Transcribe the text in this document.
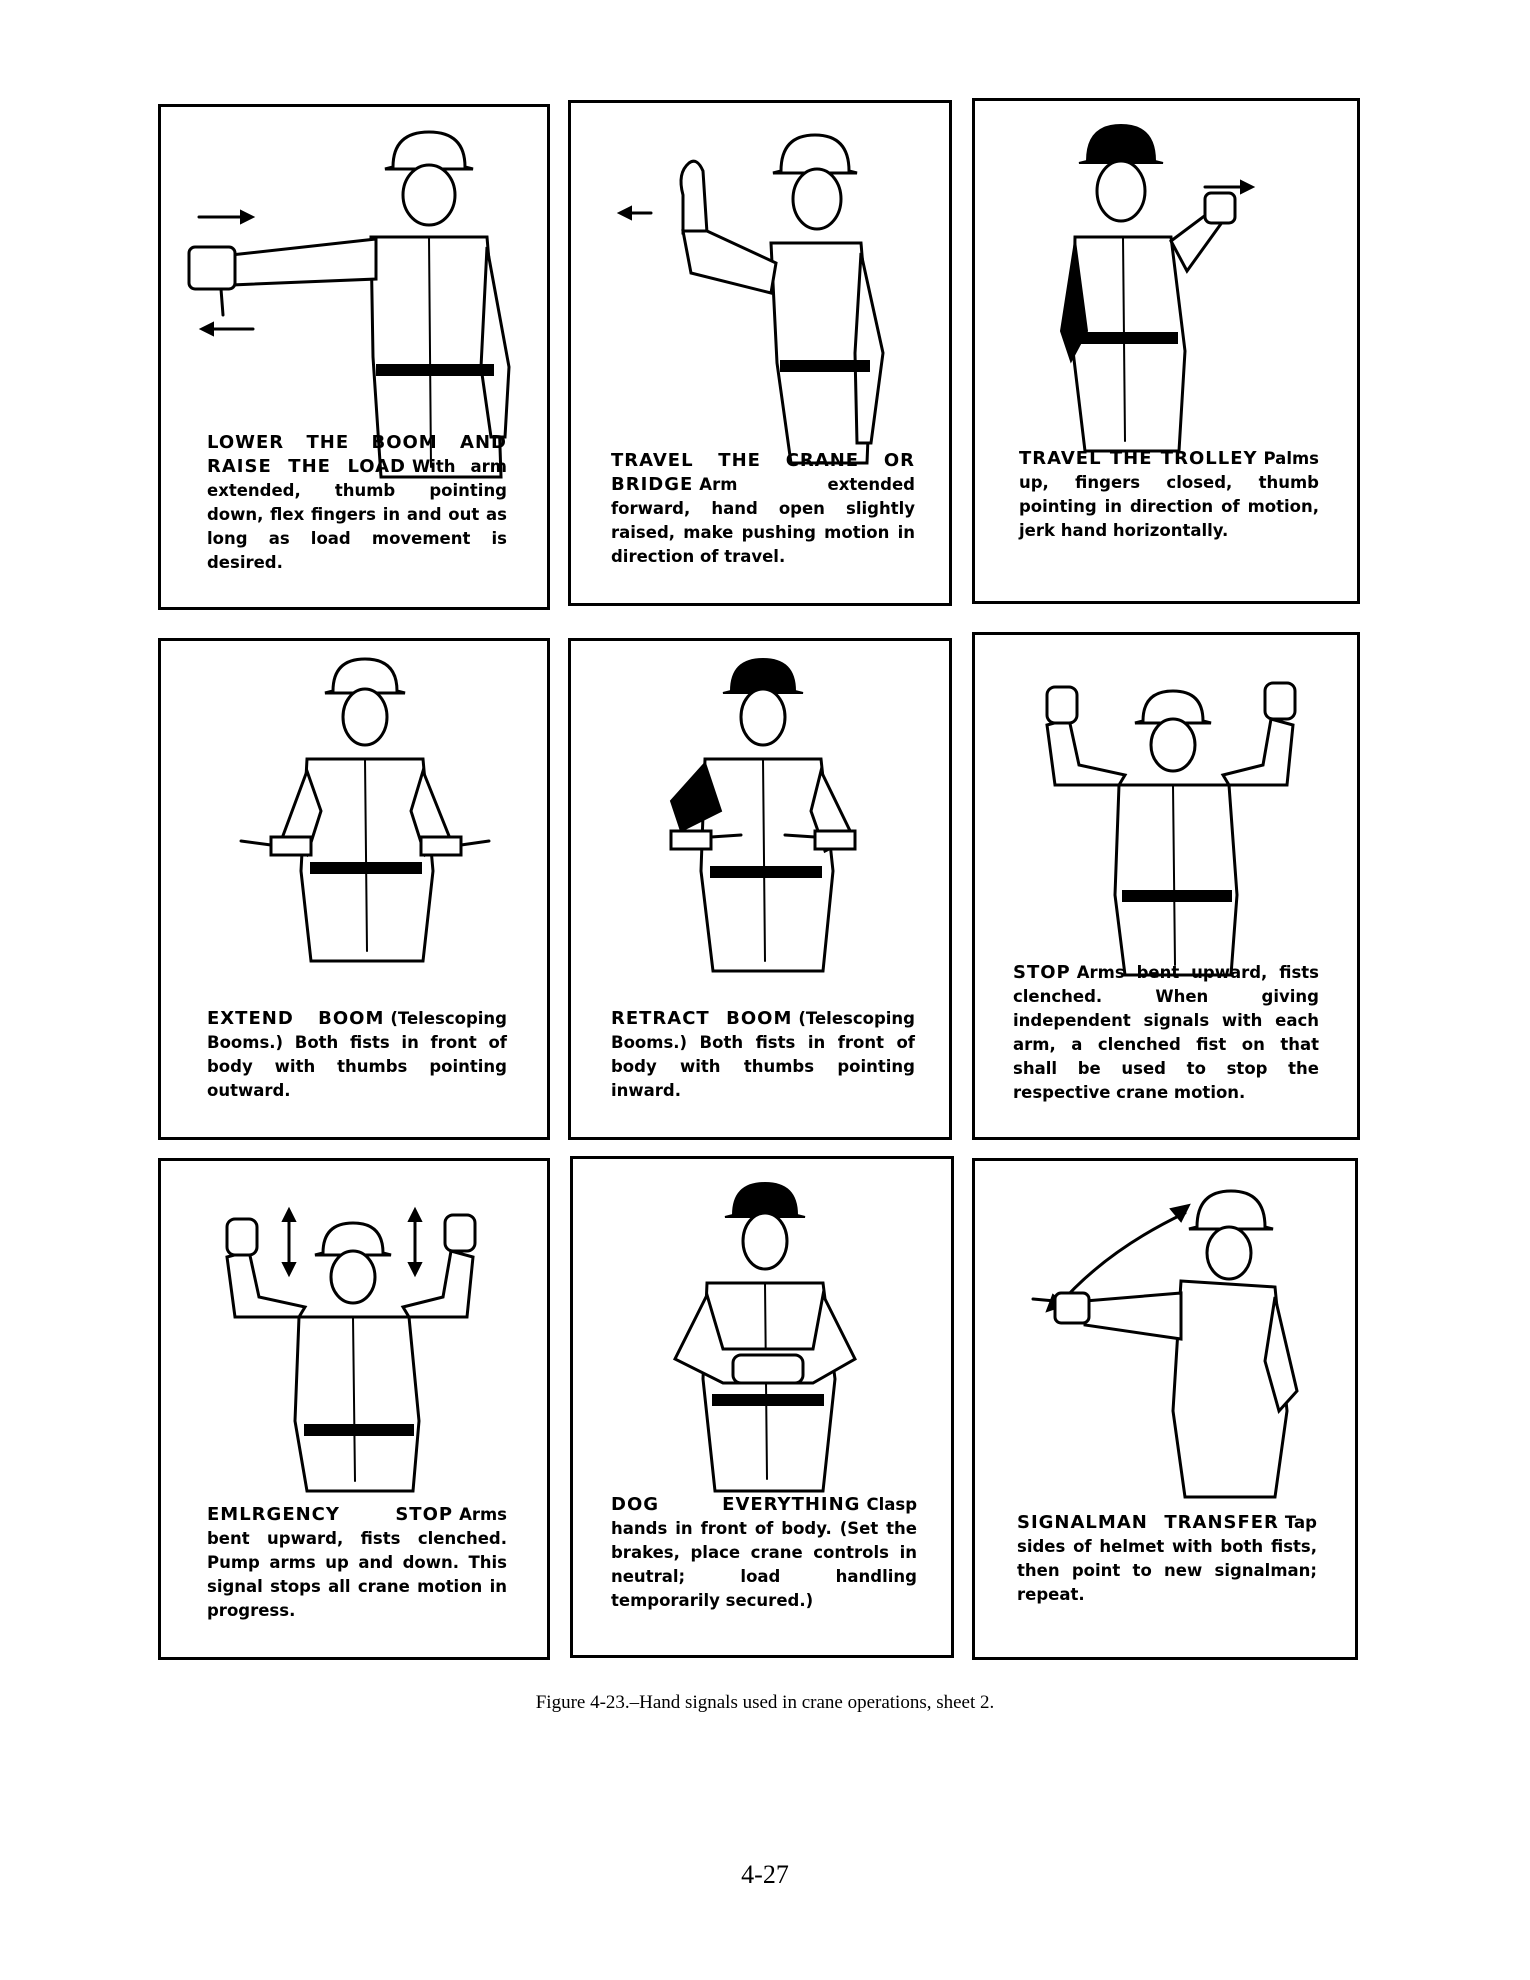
LOWER THE BOOM AND RAISE THE LOAD With arm extended, thumb pointing down, flex fingers in and out as long as load movement is desired.
TRAVEL THE CRANE OR BRIDGE Arm extended forward, hand open slightly raised, make pushing motion in direction of travel.
TRAVEL THE TROLLEY Palms up, fingers closed, thumb pointing in direction of motion, jerk hand horizontally.
EXTEND BOOM (Telescoping Booms.) Both fists in front of body with thumbs pointing outward.
RETRACT BOOM (Telescoping Booms.) Both fists in front of body with thumbs pointing inward.
STOP Arms bent upward, fists clenched. When giving independent signals with each arm, a clenched fist on that shall be used to stop the respective crane motion.
EMLRGENCY STOP Arms bent upward, fists clenched. Pump arms up and down. This signal stops all crane motion in progress.
DOG EVERYTHING Clasp hands in front of body. (Set the brakes, place crane controls in neutral; load handling temporarily secured.)
SIGNALMAN TRANSFER Tap sides of helmet with both fists, then point to new signalman; repeat.
Figure 4-23.–Hand signals used in crane operations, sheet 2.
4-27
